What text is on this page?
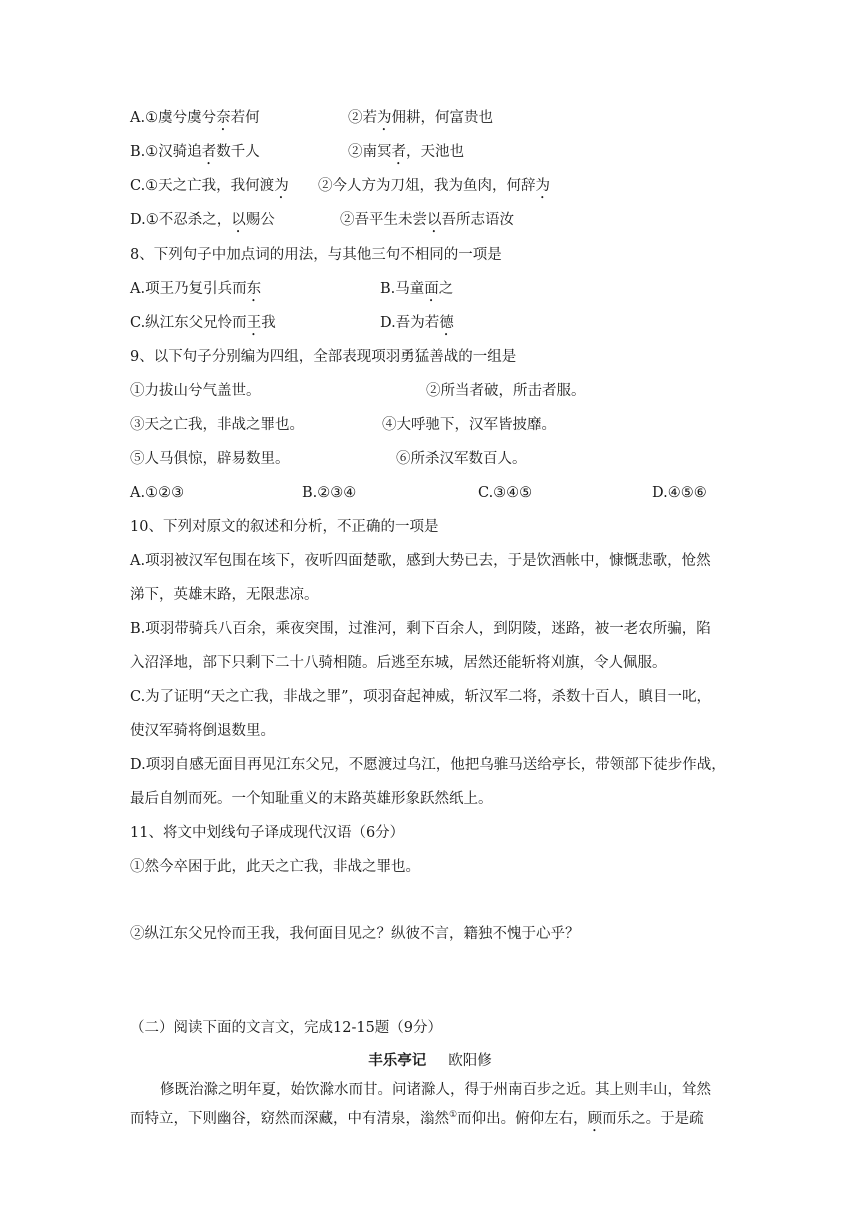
A.①虞兮虞兮奈若何	②若为佣耕，何富贵也
B.①汉骑追者数千人	②南冥者，天池也
C.①天之亡我，我何渡为 ②今人方为刀俎，我为鱼肉，何辞为
D.①不忍杀之，以赐公	②吾平生未尝以吾所志语汝
8、下列句子中加点词的用法，与其他三句不相同的一项是
A.项王乃复引兵而东	B.马童面之
C.纵江东父兄怜而王我	D.吾为若德
9、以下句子分别编为四组，全部表现项羽勇猛善战的一组是
①力拔山兮气盖世。	②所当者破，所击者服。
③天之亡我，非战之罪也。	④大呼驰下，汉军皆披靡。
⑤人马俱惊，辟易数里。	⑥所杀汉军数百人。
A.①②③	B.②③④	C.③④⑤	D.④⑤⑥
10、下列对原文的叙述和分析，不正确的一项是
A.项羽被汉军包围在垓下，夜听四面楚歌，感到大势已去，于是饮酒帐中，慷慨悲歌，怆然
涕下，英雄末路，无限悲凉。
B.项羽带骑兵八百余，乘夜突围，过淮河，剩下百余人，到阴陵，迷路，被一老农所骗，陷
入沼泽地，部下只剩下二十八骑相随。后逃至东城，居然还能斩将刈旗，令人佩服。
C.为了证明“天之亡我，非战之罪”，项羽奋起神威，斩汉军二将，杀数十百人，瞋目一叱，
使汉军骑将倒退数里。
D.项羽自感无面目再见江东父兄，不愿渡过乌江，他把乌骓马送给亭长，带领部下徒步作战，
最后自刎而死。一个知耻重义的末路英雄形象跃然纸上。
11、将文中划线句子译成现代汉语（6分）
①然今卒困于此，此天之亡我，非战之罪也。
②纵江东父兄怜而王我，我何面目见之？纵彼不言，籍独不愧于心乎？
（二）阅读下面的文言文，完成12-15题（9分）
丰乐亭记 欧阳修
修既治滁之明年夏，始饮滁水而甘。问诸滁人，得于州南百步之近。其上则丰山，耸然
而特立，下则幽谷，窈然而深藏，中有清泉，滃然①而仰出。俯仰左右，顾而乐之。于是疏
